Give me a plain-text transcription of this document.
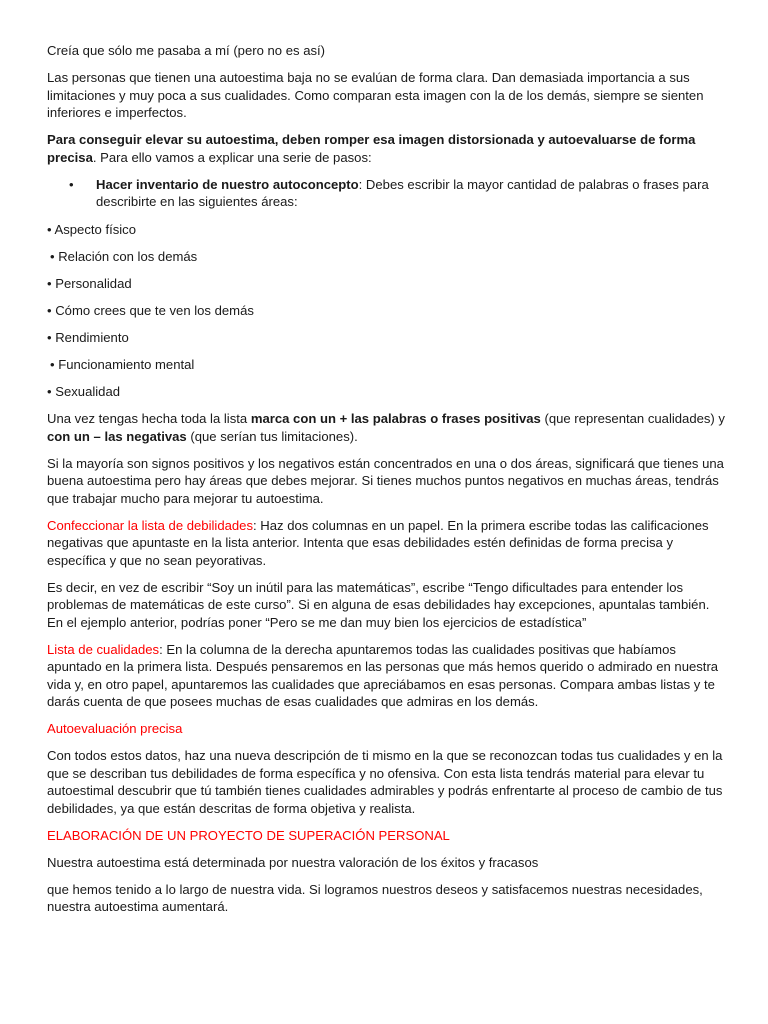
Creía que sólo me pasaba a mí (pero no es así)

Las personas que tienen una autoestima baja no se evalúan de forma clara. Dan demasiada importancia a sus limitaciones y muy poca a sus cualidades. Como comparan esta imagen con la de los demás, siempre se sienten inferiores e imperfectos.

Para conseguir elevar su autoestima, deben romper esa imagen distorsionada y autoevaluarse de forma precisa. Para ello vamos a explicar una serie de pasos:

• Hacer inventario de nuestro autoconcepto: Debes escribir la mayor cantidad de palabras o frases para describirte en las siguientes áreas:
• Aspecto físico
• Relación con los demás
• Personalidad
• Cómo crees que te ven los demás
• Rendimiento
• Funcionamiento mental
• Sexualidad

Una vez tengas hecha toda la lista marca con un + las palabras o frases positivas (que representan cualidades) y con un – las negativas (que serían tus limitaciones).

Si la mayoría son signos positivos y los negativos están concentrados en una o dos áreas, significará que tienes una buena autoestima pero hay áreas que debes mejorar. Si tienes muchos puntos negativos en muchas áreas, tendrás que trabajar mucho para mejorar tu autoestima.

Confeccionar la lista de debilidades: Haz dos columnas en un papel. En la primera escribe todas las calificaciones negativas que apuntaste en la lista anterior. Intenta que esas debilidades estén definidas de forma precisa y específica y que no sean peyorativas.

Es decir, en vez de escribir “Soy un inútil para las matemáticas”, escribe “Tengo dificultades para entender los problemas de matemáticas de este curso”. Si en alguna de esas debilidades hay excepciones, apuntalas también. En el ejemplo anterior, podrías poner “Pero se me dan muy bien los ejercicios de estadística”

Lista de cualidades: En la columna de la derecha apuntaremos todas las cualidades positivas que habíamos apuntado en la primera lista. Después pensaremos en las personas que más hemos querido o admirado en nuestra vida y, en otro papel, apuntaremos las cualidades que apreciábamos en esas personas. Compara ambas listas y te darás cuenta de que posees muchas de esas cualidades que admiras en los demás.

Autoevaluación precisa

Con todos estos datos, haz una nueva descripción de ti mismo en la que se reconozcan todas tus cualidades y en la que se describan tus debilidades de forma específica y no ofensiva. Con esta lista tendrás material para elevar tu autoestimal descubrir que tú también tienes cualidades admirables y podrás enfrentarte al proceso de cambio de tus debilidades, ya que están descritas de forma objetiva y realista.

ELABORACIÓN DE UN PROYECTO DE SUPERACIÓN PERSONAL

Nuestra autoestima está determinada por nuestra valoración de los éxitos y fracasos

que hemos tenido a lo largo de nuestra vida. Si logramos nuestros deseos y satisfacemos nuestras necesidades, nuestra autoestima aumentará.
